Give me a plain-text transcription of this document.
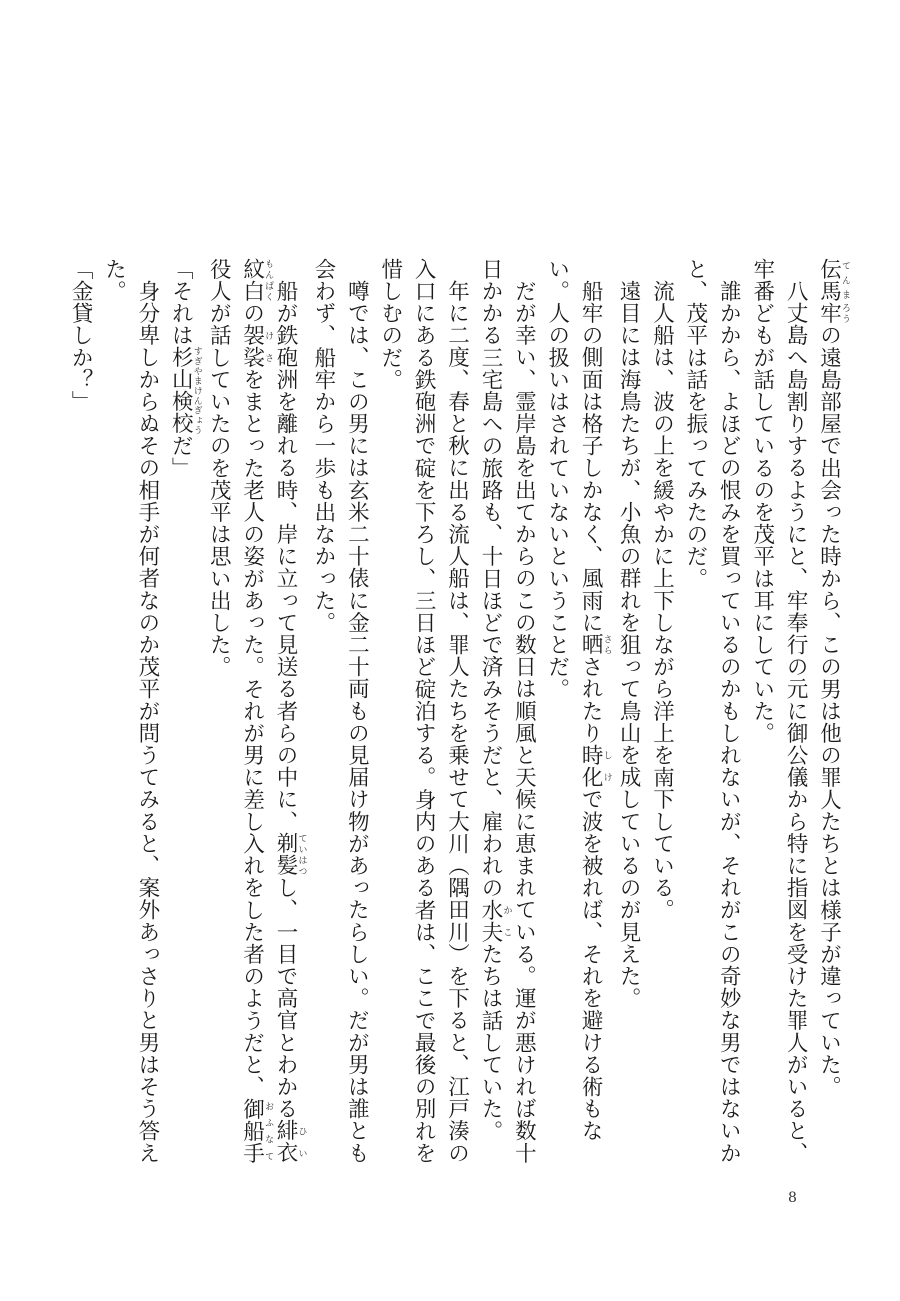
伝馬てんま牢ろうの遠島部屋で出会った時から、この男は他の罪人たちとは様子が違っていた。

八丈島へ島割りするようにと、牢奉行の元に御公儀から特に指図を受けた罪人がいると、牢番どもが話しているのを茂平は耳にしていた。

誰かから、よほどの恨みを買っているのかもしれないが、それがこの奇妙な男ではないかと、茂平は話を振ってみたのだ。

流人船は、波の上を緩やかに上下しながら洋上を南下している。

遠目には海鳥たちが、小魚の群れを狙って鳥山を成しているのが見えた。

船牢の側面は格子しかなく、風雨に晒さらされたり時化しけで波を被れば、それを避ける術もない。人の扱いはされていないということだ。

だが幸い、霊岸島を出てからのこの数日は順風と天候に恵まれている。運が悪ければ数十日かかる三宅島への旅路も、十日ほどで済みそうだと、雇われの水夫かこたちは話していた。

年に二度、春と秋に出る流人船は、罪人たちを乗せて大川（隅田川）を下ると、江戸湊の入口にある鉄砲洲で碇を下ろし、三日ほど碇泊する。身内のある者は、ここで最後の別れを惜しむのだ。

噂では、この男には玄米二十俵に金二十両もの見届け物があったらしい。だが男は誰とも会わず、船牢から一歩も出なかった。

船が鉄砲洲を離れる時、岸に立って見送る者らの中に、剃髪ていはつし、一目で高官とわかる緋衣ひい紋白もんぱくの袈裟けさをまとった老人の姿があった。それが男に差し入れをした者のようだと、御船手おふなて役人が話していたのを茂平は思い出した。

「それは杉山検校すぎやまけんぎょうだ」

身分卑しからぬその相手が何者なのか茂平が問うてみると、案外あっさりと男はそう答えた。

「金貸しか？」

8
